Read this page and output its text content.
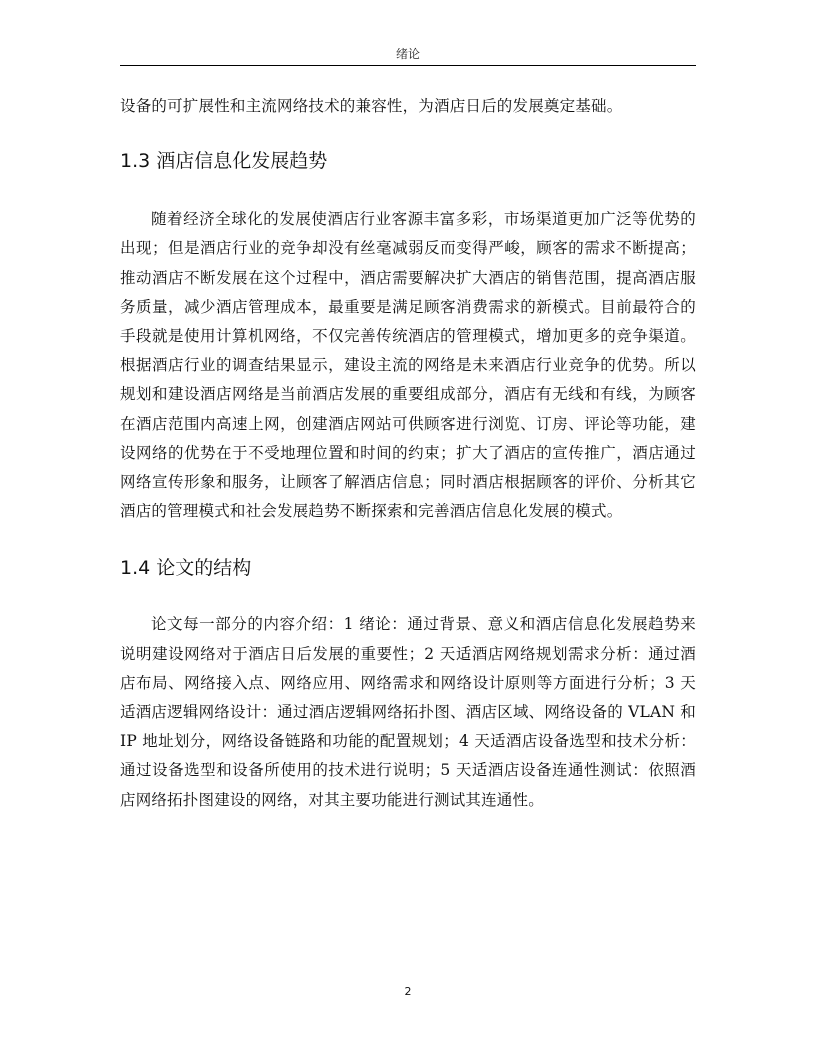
绪论

设备的可扩展性和主流网络技术的兼容性，为酒店日后的发展奠定基础。

1.3 酒店信息化发展趋势

随着经济全球化的发展使酒店行业客源丰富多彩，市场渠道更加广泛等优势的出现；但是酒店行业的竞争却没有丝毫减弱反而变得严峻，顾客的需求不断提高；推动酒店不断发展在这个过程中，酒店需要解决扩大酒店的销售范围，提高酒店服务质量，减少酒店管理成本，最重要是满足顾客消费需求的新模式。目前最符合的手段就是使用计算机网络，不仅完善传统酒店的管理模式，增加更多的竞争渠道。根据酒店行业的调查结果显示，建设主流的网络是未来酒店行业竞争的优势。所以规划和建设酒店网络是当前酒店发展的重要组成部分，酒店有无线和有线，为顾客在酒店范围内高速上网，创建酒店网站可供顾客进行浏览、订房、评论等功能，建设网络的优势在于不受地理位置和时间的约束；扩大了酒店的宣传推广，酒店通过网络宣传形象和服务，让顾客了解酒店信息；同时酒店根据顾客的评价、分析其它酒店的管理模式和社会发展趋势不断探索和完善酒店信息化发展的模式。

1.4 论文的结构

论文每一部分的内容介绍：1 绪论：通过背景、意义和酒店信息化发展趋势来说明建设网络对于酒店日后发展的重要性；2 天适酒店网络规划需求分析：通过酒店布局、网络接入点、网络应用、网络需求和网络设计原则等方面进行分析；3 天适酒店逻辑网络设计：通过酒店逻辑网络拓扑图、酒店区域、网络设备的 VLAN 和 IP 地址划分，网络设备链路和功能的配置规划；4 天适酒店设备选型和技术分析：通过设备选型和设备所使用的技术进行说明；5 天适酒店设备连通性测试：依照酒店网络拓扑图建设的网络，对其主要功能进行测试其连通性。

2
